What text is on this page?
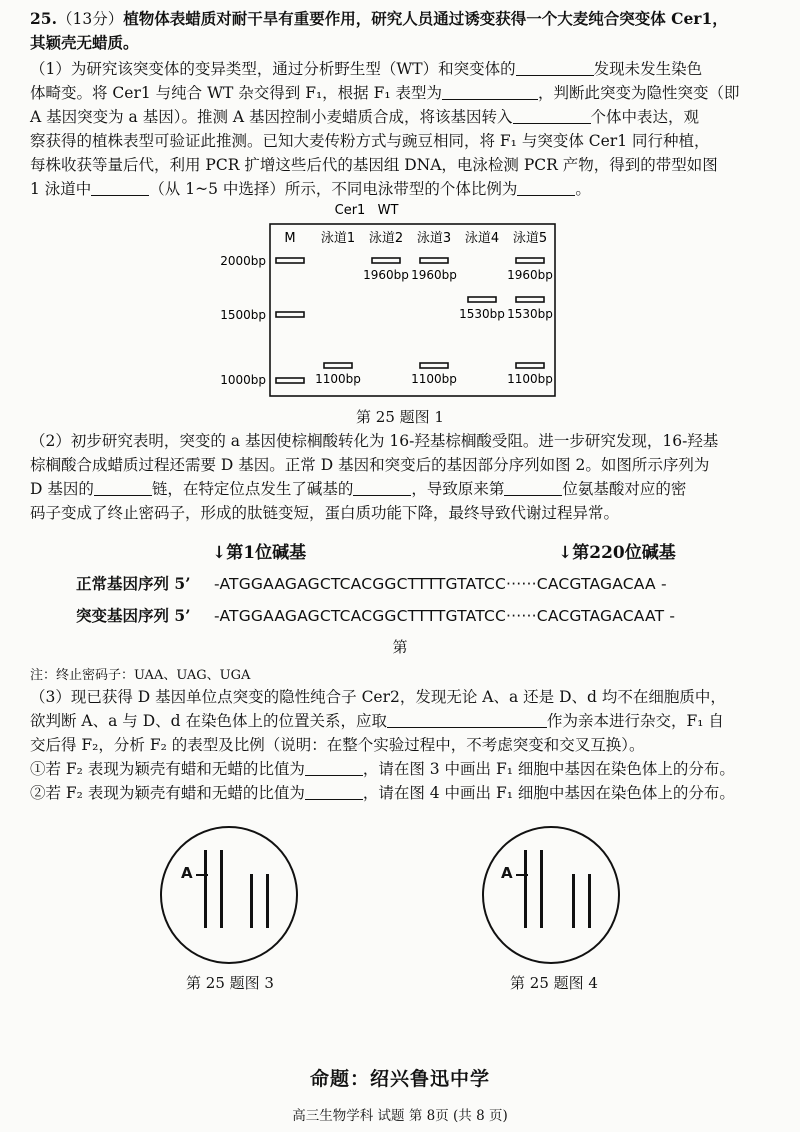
25.（13分）植物体表蜡质对耐干旱有重要作用，研究人员通过诱变获得一个大麦纯合突变体 Cer1，
其颖壳无蜡质。
（1）为研究该突变体的变异类型，通过分析野生型（WT）和突变体的	发现未发生染色
体畸变。将 Cer1 与纯合 WT 杂交得到 F₁，根据 F₁ 表型为	，判断此突变为隐性突变（即
A 基因突变为 a 基因）。推测 A 基因控制小麦蜡质合成，将该基因转入	个体中表达，观
察获得的植株表型可验证此推测。已知大麦传粉方式与豌豆相同，将 F₁ 与突变体 Cer1 同行种植，
每株收获等量后代，利用 PCR 扩增这些后代的基因组 DNA，电泳检测 PCR 产物，得到的带型如图
1 泳道中	（从 1~5 中选择）所示，不同电泳带型的个体比例为	。
Cer1 WT
M 泳道1 泳道2 泳道3 泳道4 泳道5
2000bp
1500bp
1000bp
1960bp 1960bp	1960bp
1530bp 1530bp
1100bp	1100bp	1100bp
第 25 题图 1
（2）初步研究表明，突变的 a 基因使棕榈酸转化为 16-羟基棕榈酸受阻。进一步研究发现，16-羟基
棕榈酸合成蜡质过程还需要 D 基因。正常 D 基因和突变后的基因部分序列如图 2。如图所示序列为
D 基因的	链，在特定位点发生了碱基的	，导致原来第	位氨基酸对应的密
码子变成了终止密码子，形成的肽链变短，蛋白质功能下降，最终导致代谢过程异常。
↓第1位碱基	↓第220位碱基
正常基因序列 5’ -ATGGAAGAGCTCACGGCTTTTGTATCC······CACGTAGACAA -
突变基因序列 5’ -ATGGAAGAGCTCACGGCTTTTGTATCC······CACGTAGACAAT -
第
注：终止密码子：UAA、UAG、UGA
（3）现已获得 D 基因单位点突变的隐性纯合子 Cer2，发现无论 A、a 还是 D、d 均不在细胞质中，
欲判断 A、a 与 D、d 在染色体上的位置关系，应取	作为亲本进行杂交，F₁ 自
交后得 F₂，分析 F₂ 的表型及比例（说明：在整个实验过程中，不考虑突变和交叉互换）。
①若 F₂ 表现为颖壳有蜡和无蜡的比值为	，请在图 3 中画出 F₁ 细胞中基因在染色体上的分布。
②若 F₂ 表现为颖壳有蜡和无蜡的比值为	，请在图 4 中画出 F₁ 细胞中基因在染色体上的分布。
A
第 25 题图 3
A
第 25 题图 4
命题：绍兴鲁迅中学
高三生物学科 试题 第 8页 (共 8 页)
